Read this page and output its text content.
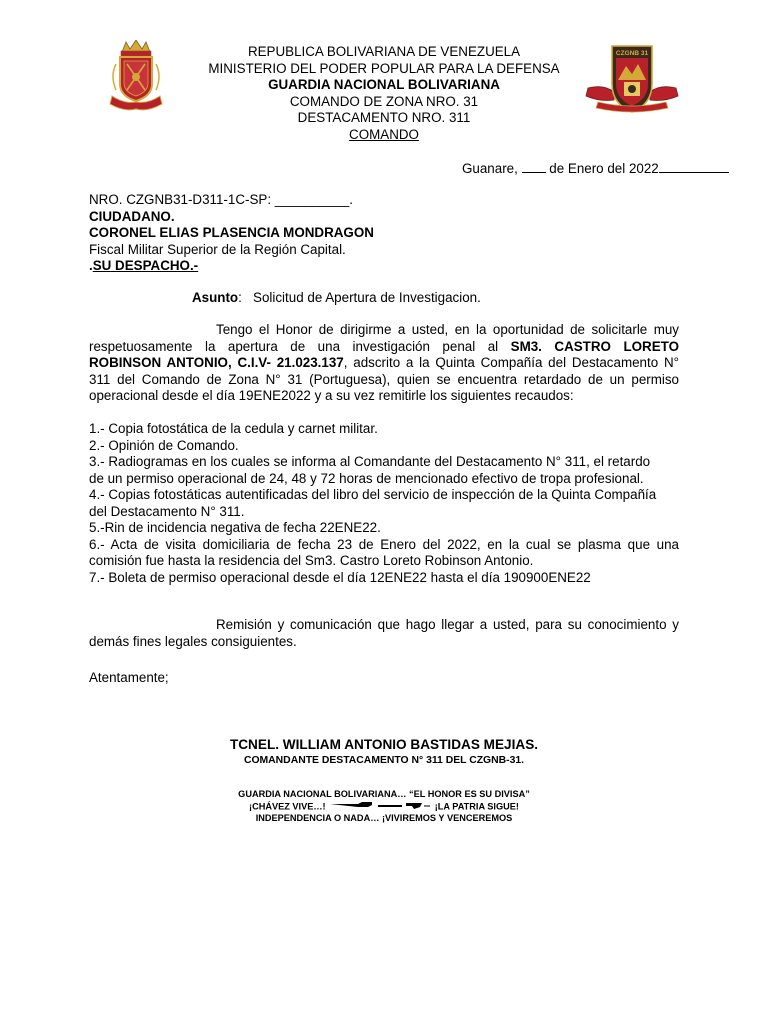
REPUBLICA BOLIVARIANA DE VENEZUELA
MINISTERIO DEL PODER POPULAR PARA LA DEFENSA
GUARDIA NACIONAL BOLIVARIANA
COMANDO DE ZONA NRO. 31
DESTACAMENTO NRO. 311
COMANDO
CZGNB 31
Guanare,  de Enero del 2022
NRO. CZGNB31-D311-1C-SP: __________.
CIUDADANO.
CORONEL ELIAS PLASENCIA MONDRAGON
Fiscal Militar Superior de la Región Capital.
.SU DESPACHO.-
Asunto: Solicitud de Apertura de Investigacion.
Tengo el Honor de dirigirme a usted, en la oportunidad de solicitarle muy
respetuosamente la apertura de una investigación penal al SM3. CASTRO LORETO
ROBINSON ANTONIO, C.I.V- 21.023.137, adscrito a la Quinta Compañía del Destacamento N°
311 del Comando de Zona N° 31 (Portuguesa), quien se encuentra retardado de un permiso
operacional desde el día 19ENE2022 y a su vez remitirle los siguientes recaudos:
1.- Copia fotostática de la cedula y carnet militar.
2.- Opinión de Comando.
3.- Radiogramas en los cuales se informa al Comandante del Destacamento N° 311, el retardo
de un permiso operacional de 24, 48 y 72 horas de mencionado efectivo de tropa profesional.
4.- Copias fotostáticas autentificadas del libro del servicio de inspección de la Quinta Compañía
del Destacamento N° 311.
5.-Rin de incidencia negativa de fecha 22ENE22.
6.- Acta de visita domiciliaria de fecha 23 de Enero del 2022, en la cual se plasma que una
comisión fue hasta la residencia del Sm3. Castro Loreto Robinson Antonio.
7.- Boleta de permiso operacional desde el día 12ENE22 hasta el día 190900ENE22
Remisión y comunicación que hago llegar a usted, para su conocimiento y
demás fines legales consiguientes.
Atentamente;
TCNEL. WILLIAM ANTONIO BASTIDAS MEJIAS.
COMANDANTE DESTACAMENTO N° 311 DEL CZGNB-31.
GUARDIA NACIONAL BOLIVARIANA… “EL HONOR ES SU DIVISA”
¡CHÁVEZ VIVE…!	¡LA PATRIA SIGUE!
INDEPENDENCIA O NADA… ¡VIVIREMOS Y VENCEREMOS
